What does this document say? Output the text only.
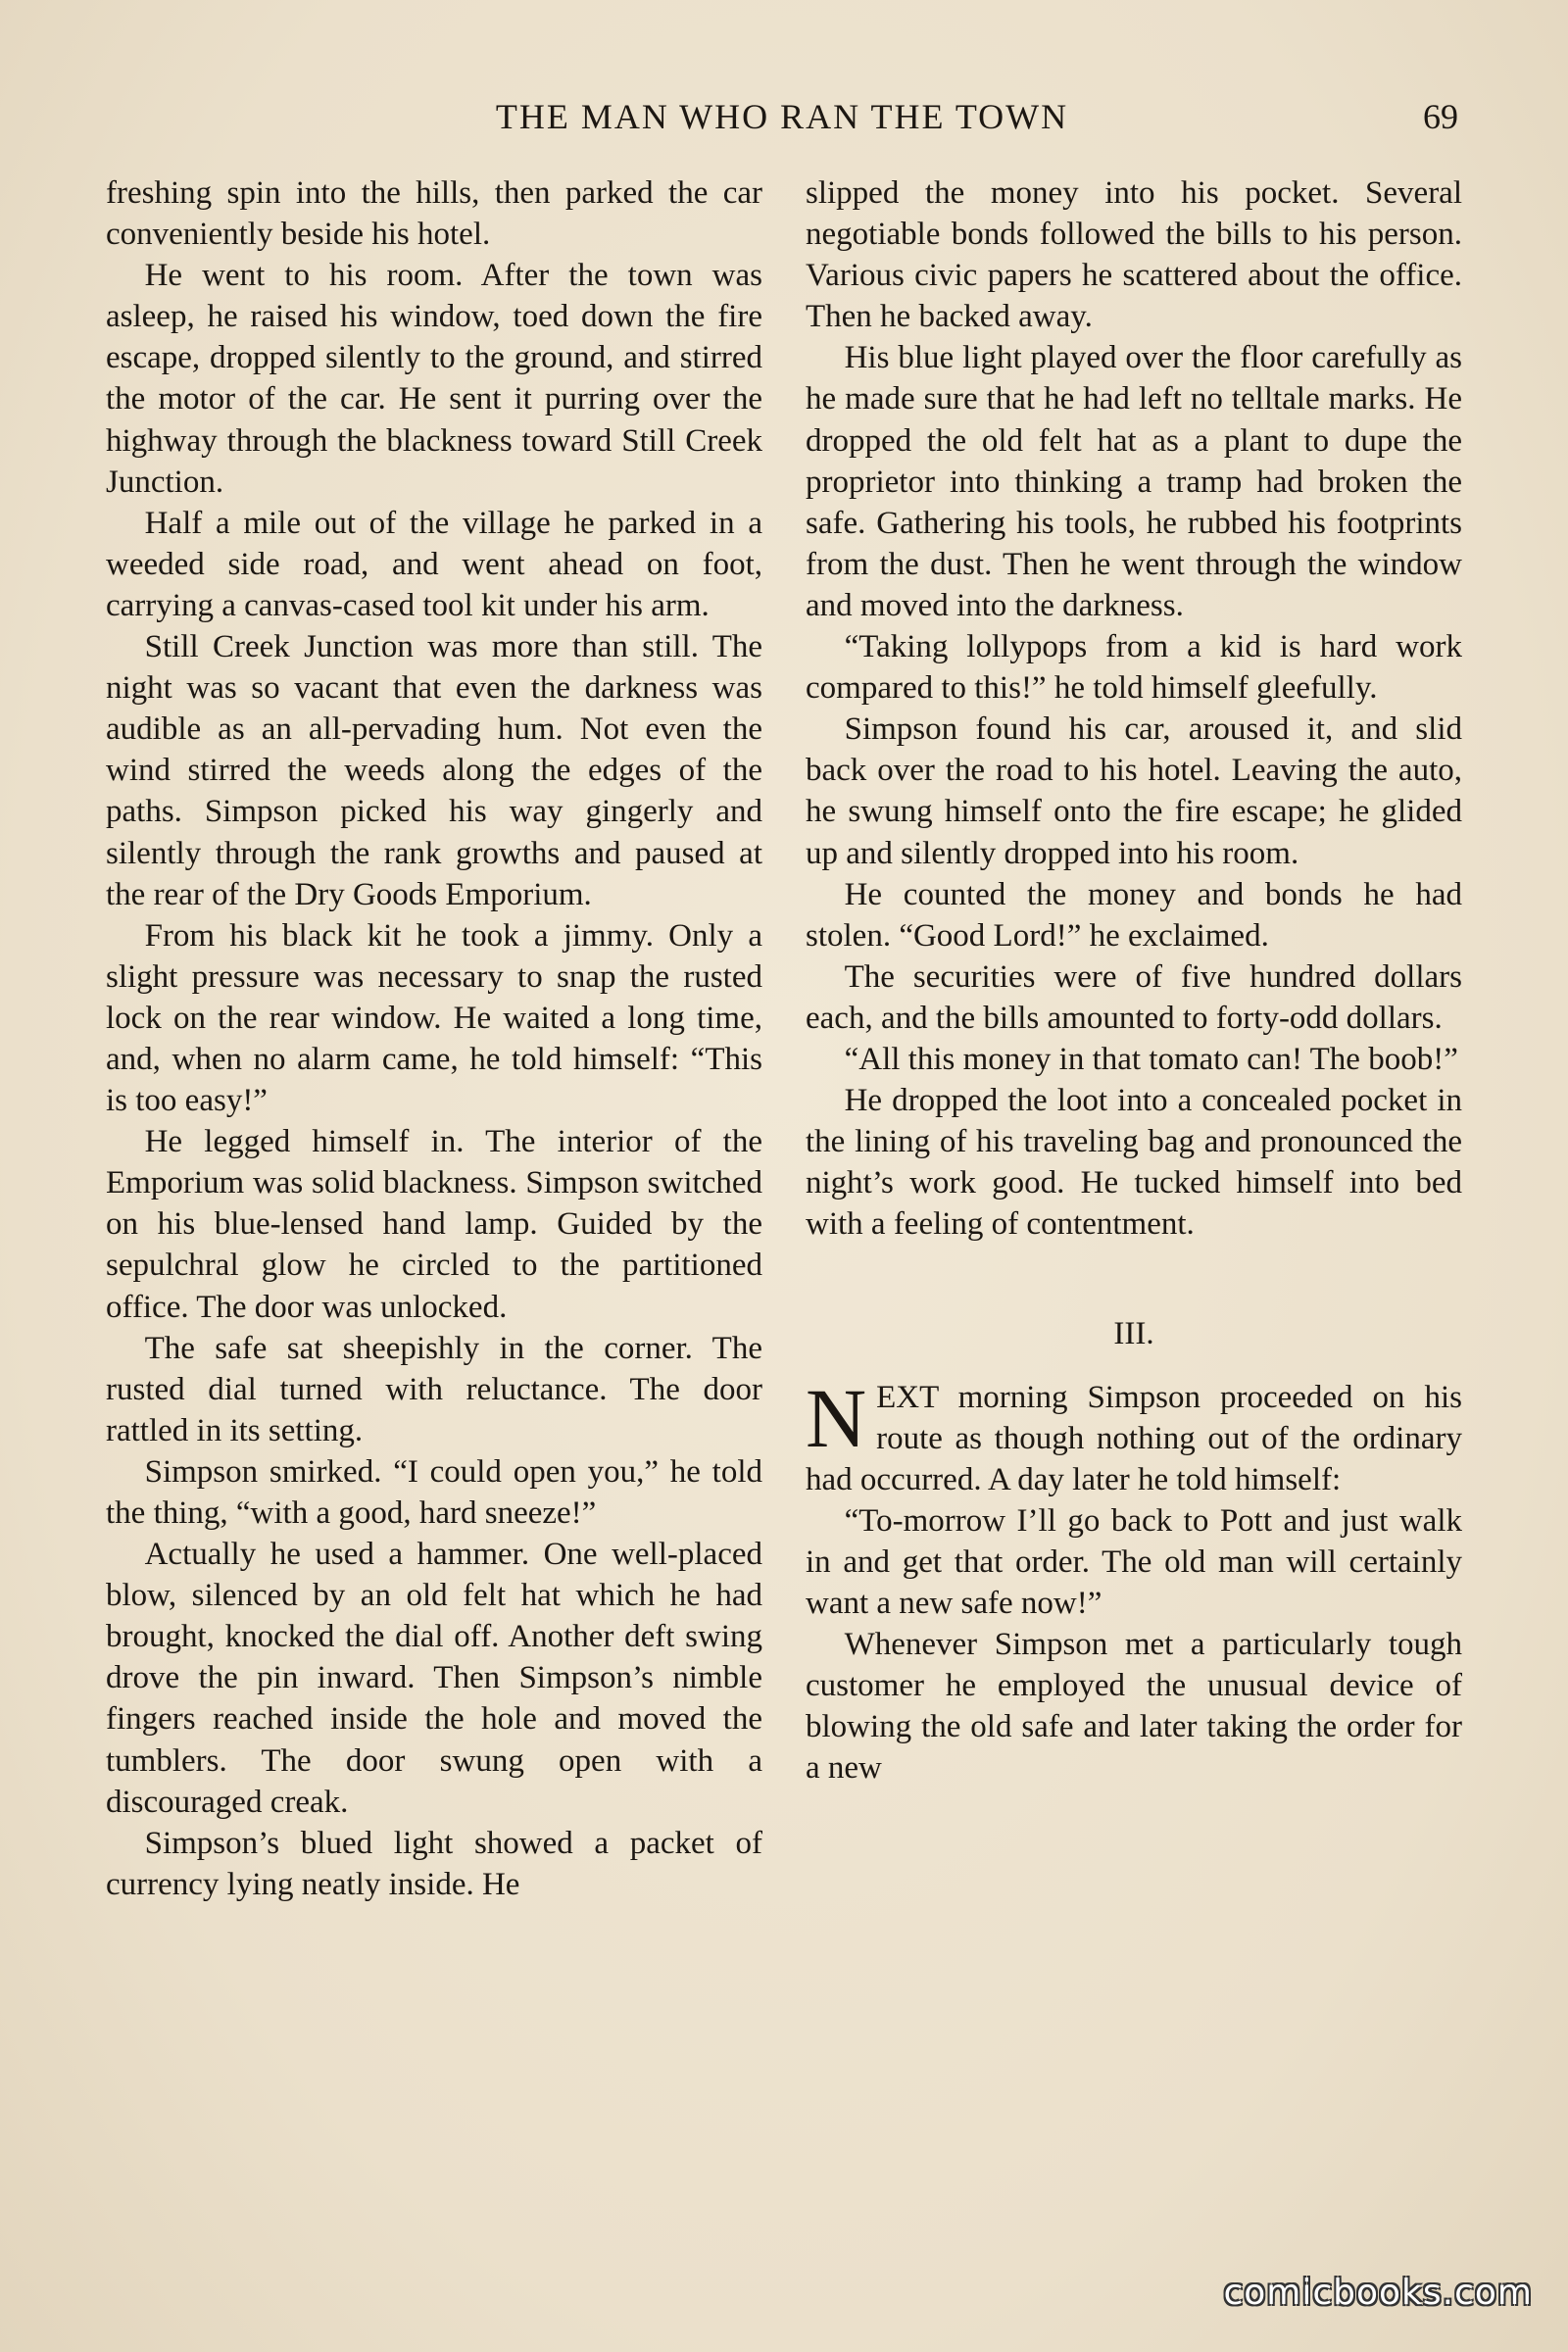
THE MAN WHO RAN THE TOWN	69

freshing spin into the hills, then parked the car conveniently beside his hotel.

He went to his room. After the town was asleep, he raised his window, toed down the fire escape, dropped silently to the ground, and stirred the motor of the car. He sent it purring over the highway through the blackness toward Still Creek Junction.

Half a mile out of the village he parked in a weeded side road, and went ahead on foot, carrying a canvas-cased tool kit under his arm.

Still Creek Junction was more than still. The night was so vacant that even the darkness was audible as an all-pervading hum. Not even the wind stirred the weeds along the edges of the paths. Simpson picked his way gingerly and silently through the rank growths and paused at the rear of the Dry Goods Emporium.

From his black kit he took a jimmy. Only a slight pressure was necessary to snap the rusted lock on the rear window. He waited a long time, and, when no alarm came, he told himself: “This is too easy!”

He legged himself in. The interior of the Emporium was solid blackness. Simpson switched on his blue-lensed hand lamp. Guided by the sepulchral glow he circled to the partitioned office. The door was unlocked.

The safe sat sheepishly in the corner. The rusted dial turned with reluctance. The door rattled in its setting.

Simpson smirked. “I could open you,” he told the thing, “with a good, hard sneeze!”

Actually he used a hammer. One well-placed blow, silenced by an old felt hat which he had brought, knocked the dial off. Another deft swing drove the pin inward. Then Simpson’s nimble fingers reached inside the hole and moved the tumblers. The door swung open with a discouraged creak.

Simpson’s blued light showed a packet of currency lying neatly inside. He

slipped the money into his pocket. Several negotiable bonds followed the bills to his person. Various civic papers he scattered about the office. Then he backed away.

His blue light played over the floor carefully as he made sure that he had left no telltale marks. He dropped the old felt hat as a plant to dupe the proprietor into thinking a tramp had broken the safe. Gathering his tools, he rubbed his footprints from the dust. Then he went through the window and moved into the darkness.

“Taking lollypops from a kid is hard work compared to this!” he told himself gleefully.

Simpson found his car, aroused it, and slid back over the road to his hotel. Leaving the auto, he swung himself onto the fire escape; he glided up and silently dropped into his room.

He counted the money and bonds he had stolen. “Good Lord!” he exclaimed.

The securities were of five hundred dollars each, and the bills amounted to forty-odd dollars.

“All this money in that tomato can! The boob!”

He dropped the loot into a concealed pocket in the lining of his traveling bag and pronounced the night’s work good. He tucked himself into bed with a feeling of contentment.

III.

NEXT morning Simpson proceeded on his route as though nothing out of the ordinary had occurred. A day later he told himself:

“To-morrow I’ll go back to Pott and just walk in and get that order. The old man will certainly want a new safe now!”

Whenever Simpson met a particularly tough customer he employed the unusual device of blowing the old safe and later taking the order for a new

comicbooks.com
